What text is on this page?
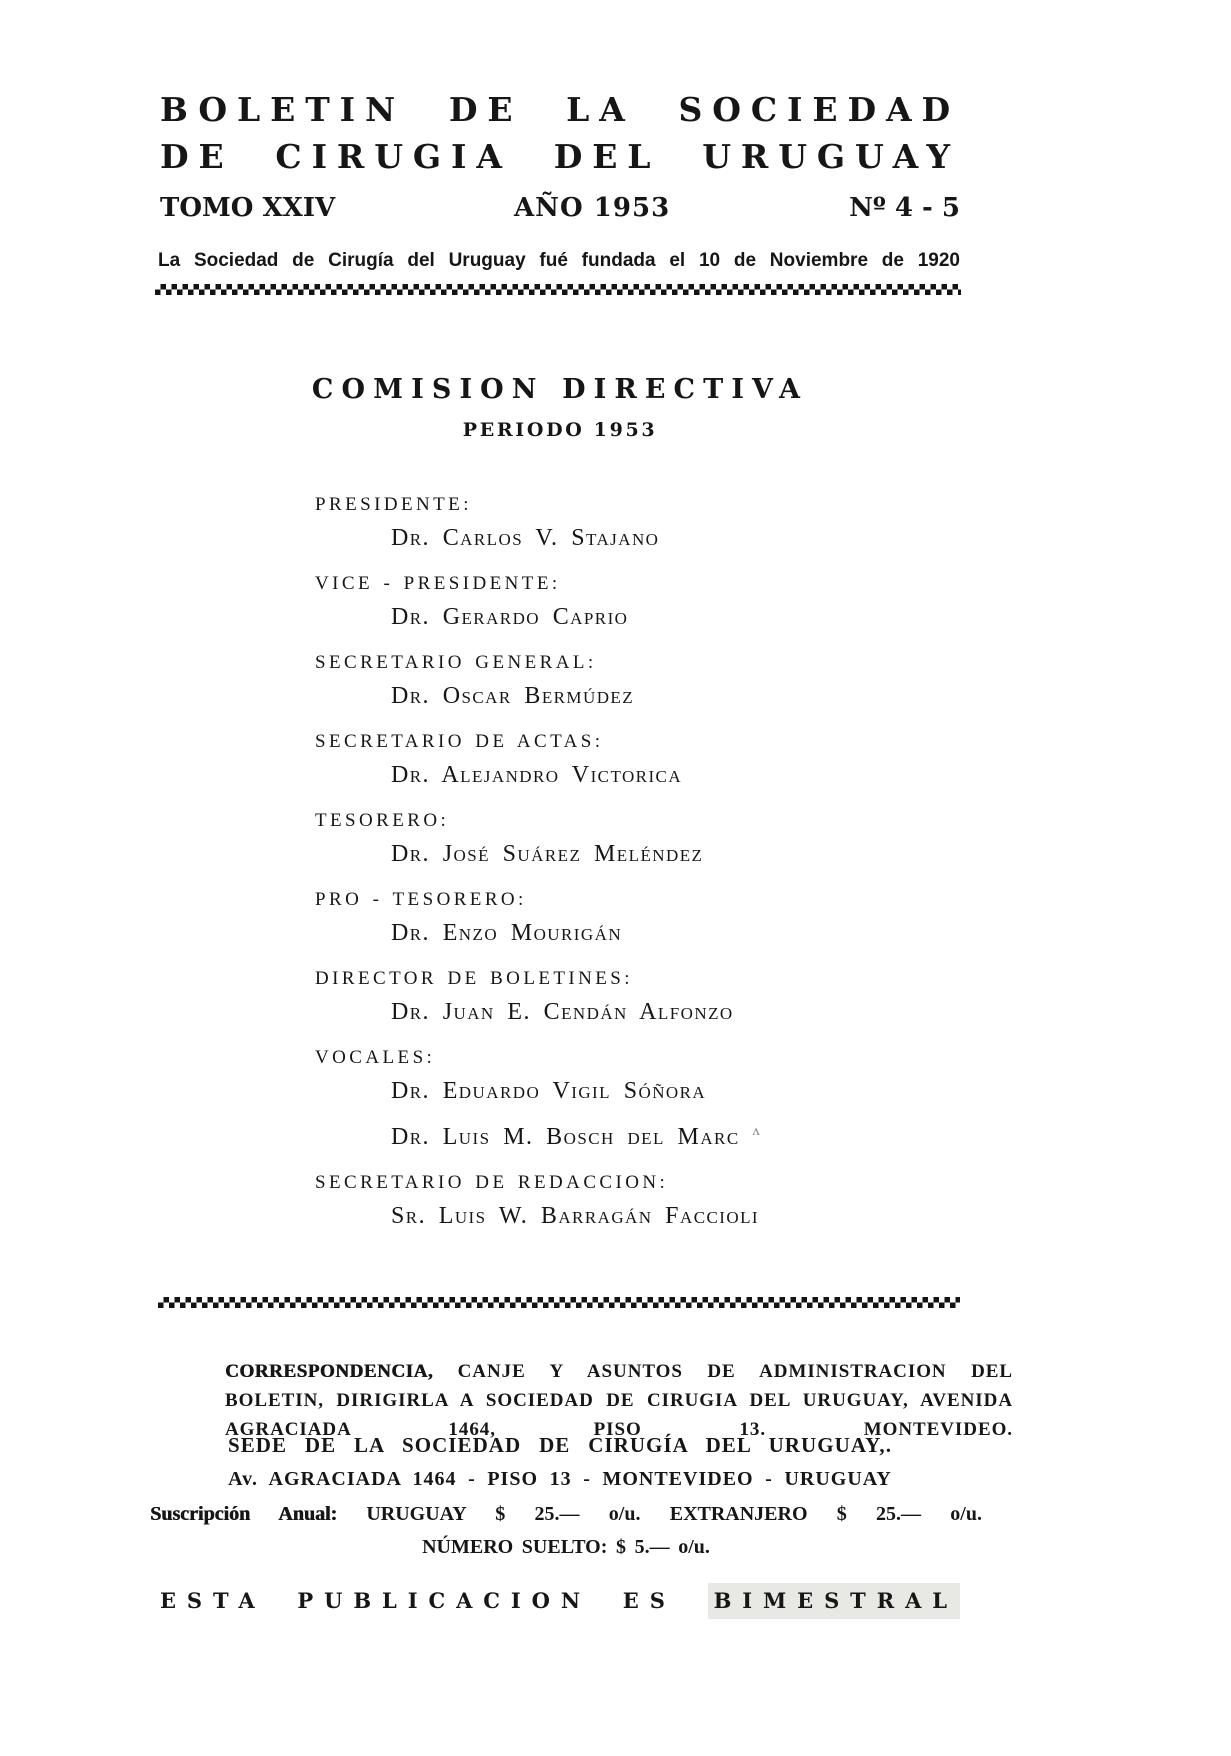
BOLETIN DE LA SOCIEDAD
DE CIRUGIA DEL URUGUAY
TOMO XXIV	AÑO 1953	Nº 4 - 5
La Sociedad de Cirugía del Uruguay fué fundada el 10 de Noviembre de 1920
COMISION DIRECTIVA
PERIODO 1953
PRESIDENTE:
Dr. Carlos V. Stajano
VICE - PRESIDENTE:
Dr. Gerardo Caprio
SECRETARIO GENERAL:
Dr. Oscar Bermúdez
SECRETARIO DE ACTAS:
Dr. Alejandro Victorica
TESORERO:
Dr. José Suárez Meléndez
PRO - TESORERO:
Dr. Enzo Mourigán
DIRECTOR DE BOLETINES:
Dr. Juan E. Cendán Alfonzo
VOCALES:
Dr. Eduardo Vigil Sóñora
Dr. Luis M. Bosch del Marc $^ʌ$
SECRETARIO DE REDACCION:
Sr. Luis W. Barragán Faccioli

CORRESPONDENCIA, CANJE Y ASUNTOS DE ADMINISTRACION DEL BOLETIN, DIRIGIRLA A SOCIEDAD DE CIRUGIA DEL URUGUAY, AVENIDA AGRACIADA 1464, PISO 13. MONTEVIDEO.

SEDE DE LA SOCIEDAD DE CIRUGÍA DEL URUGUAY,.
Av. AGRACIADA 1464 - PISO 13 - MONTEVIDEO - URUGUAY
Suscripción Anual: URUGUAY $ 25.— o/u. EXTRANJERO $ 25.— o/u.
NÚMERO SUELTO: $ 5.— o/u.
ESTA PUBLICACION ES BIMESTRAL
